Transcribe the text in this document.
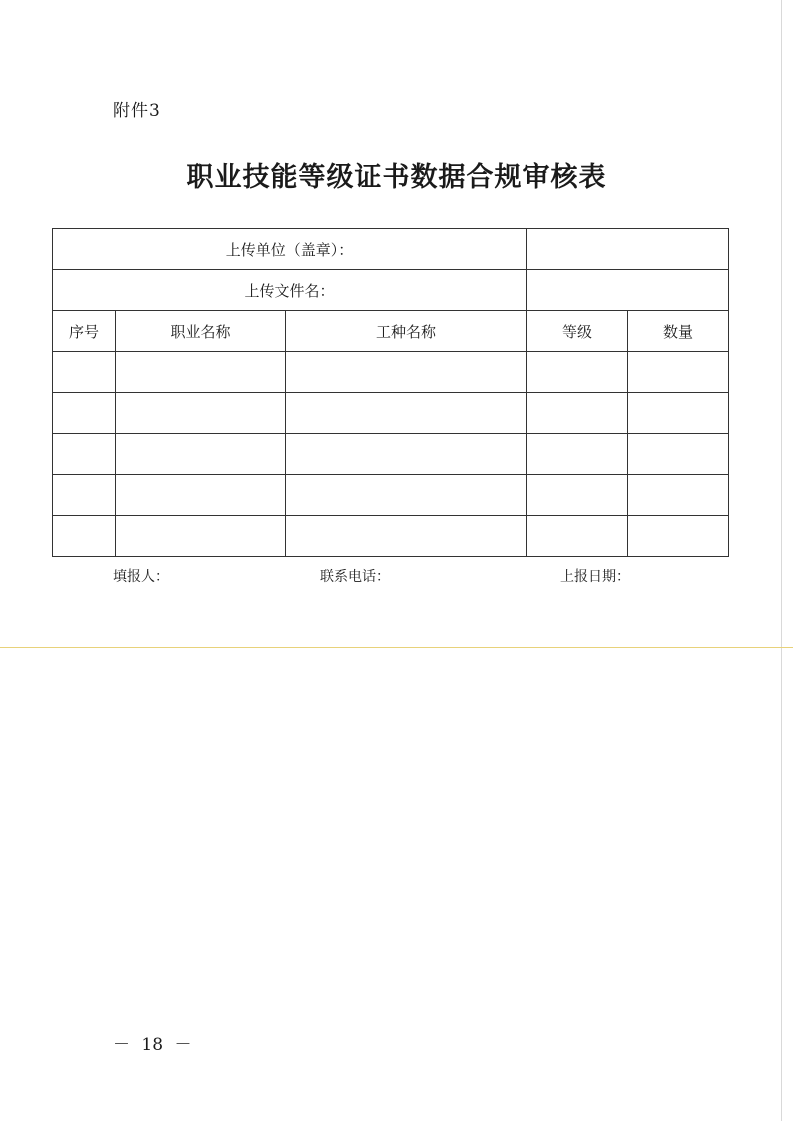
附件3
职业技能等级证书数据合规审核表
上传单位（盖章）：				
上传文件名：				
序号	职业名称	工种名称	等级	数量

填报人：	联系电话：	上报日期：
－ 18 －
